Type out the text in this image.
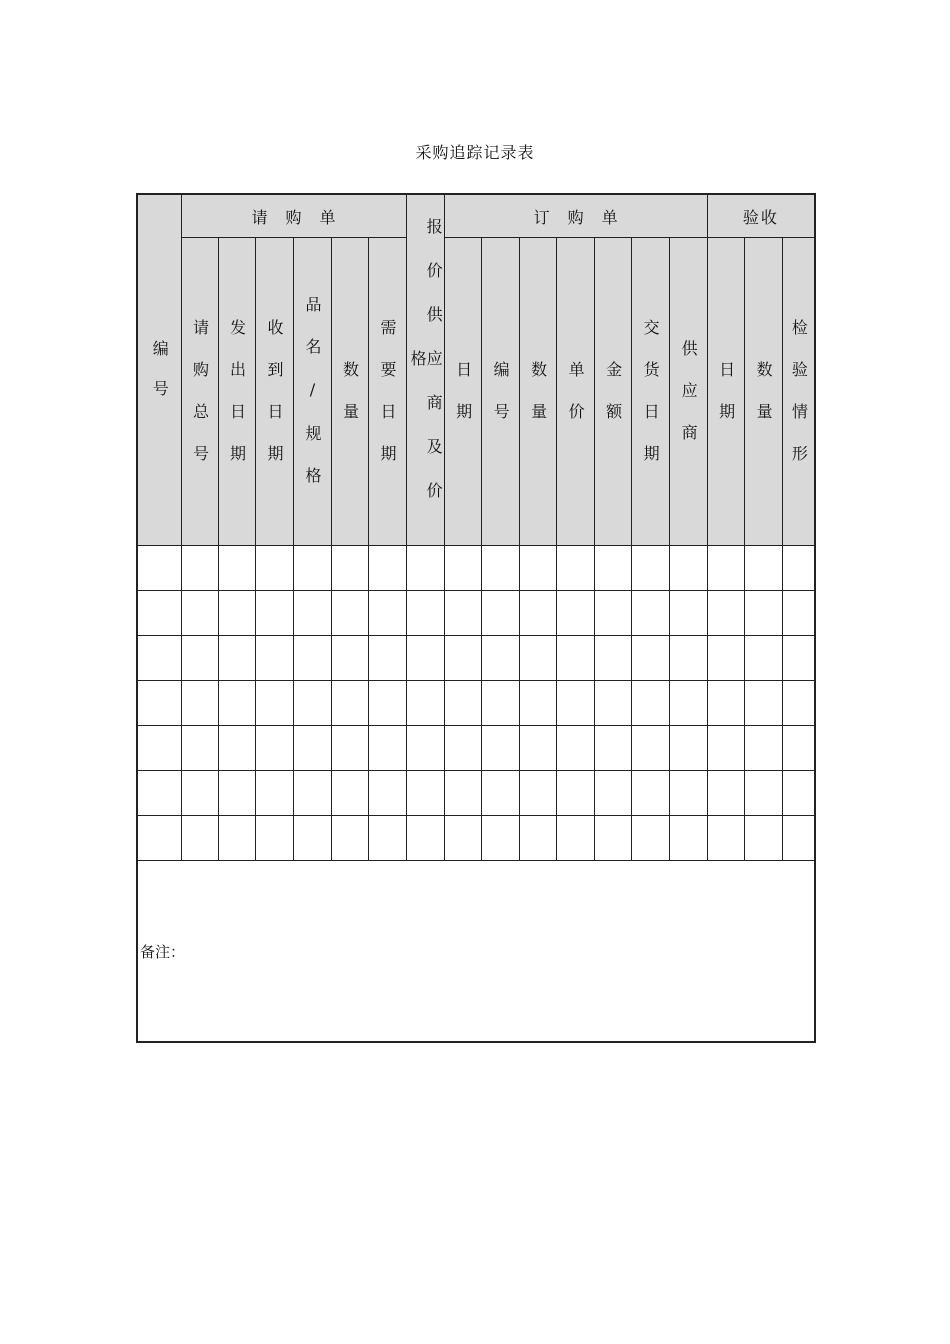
采购追踪记录表
编号	请购单						报价供应商及价格	订购单							验收		
	请购总号	发出日期	收到日期	品名/规格	数量	需要日期		日期	编号	数量	单价	金额	交货日期	供应商	日期	数量	检验情形

备注：																	
